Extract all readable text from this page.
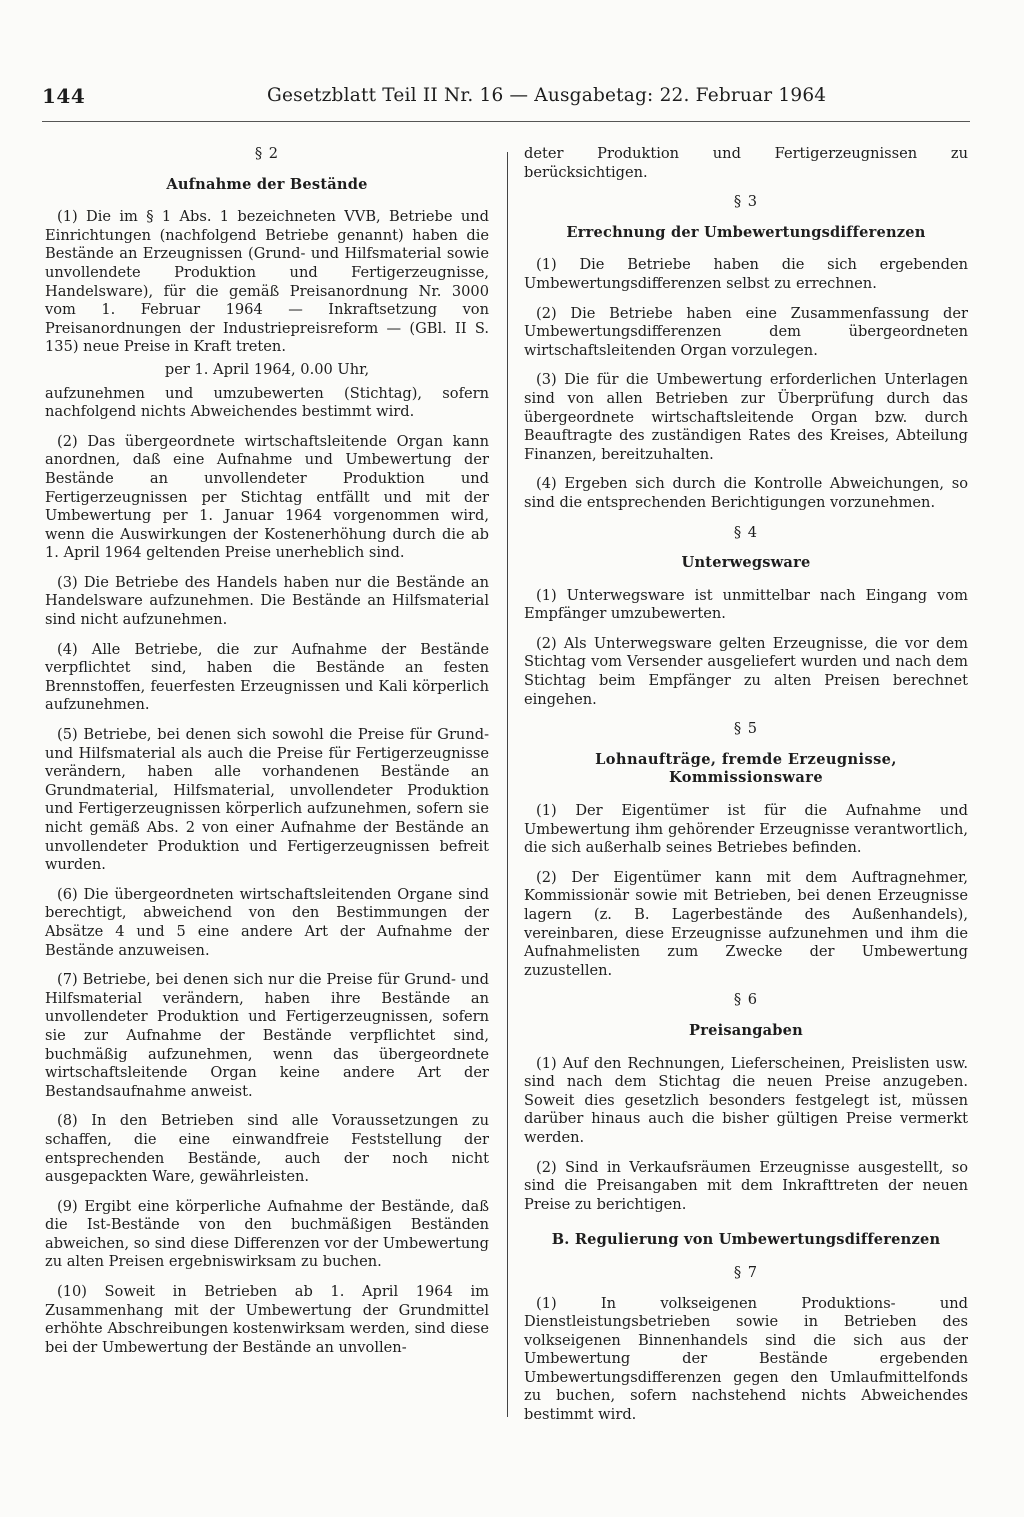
144	Gesetzblatt Teil II Nr. 16 — Ausgabetag: 22. Februar 1964

§ 2

Aufnahme der Bestände

(1) Die im § 1 Abs. 1 bezeichneten VVB, Betriebe und Einrichtungen (nachfolgend Betriebe genannt) haben die Bestände an Erzeugnissen (Grund- und Hilfsmaterial sowie unvollendete Produktion und Fertigerzeugnisse, Handelsware), für die gemäß Preisanordnung Nr. 3000 vom 1. Februar 1964 — Inkraftsetzung von Preisanordnungen der Industriepreisreform — (GBl. II S. 135) neue Preise in Kraft treten.

per 1. April 1964, 0.00 Uhr,

aufzunehmen und umzubewerten (Stichtag), sofern nachfolgend nichts Abweichendes bestimmt wird.

(2) Das übergeordnete wirtschaftsleitende Organ kann anordnen, daß eine Aufnahme und Umbewertung der Bestände an unvollendeter Produktion und Fertigerzeugnissen per Stichtag entfällt und mit der Umbewertung per 1. Januar 1964 vorgenommen wird, wenn die Auswirkungen der Kostenerhöhung durch die ab 1. April 1964 geltenden Preise unerheblich sind.

(3) Die Betriebe des Handels haben nur die Bestände an Handelsware aufzunehmen. Die Bestände an Hilfsmaterial sind nicht aufzunehmen.

(4) Alle Betriebe, die zur Aufnahme der Bestände verpflichtet sind, haben die Bestände an festen Brennstoffen, feuerfesten Erzeugnissen und Kali körperlich aufzunehmen.

(5) Betriebe, bei denen sich sowohl die Preise für Grund- und Hilfsmaterial als auch die Preise für Fertigerzeugnisse verändern, haben alle vorhandenen Bestände an Grundmaterial, Hilfsmaterial, unvollendeter Produktion und Fertigerzeugnissen körperlich aufzunehmen, sofern sie nicht gemäß Abs. 2 von einer Aufnahme der Bestände an unvollendeter Produktion und Fertigerzeugnissen befreit wurden.

(6) Die übergeordneten wirtschaftsleitenden Organe sind berechtigt, abweichend von den Bestimmungen der Absätze 4 und 5 eine andere Art der Aufnahme der Bestände anzuweisen.

(7) Betriebe, bei denen sich nur die Preise für Grund- und Hilfsmaterial verändern, haben ihre Bestände an unvollendeter Produktion und Fertigerzeugnissen, sofern sie zur Aufnahme der Bestände verpflichtet sind, buchmäßig aufzunehmen, wenn das übergeordnete wirtschaftsleitende Organ keine andere Art der Bestandsaufnahme anweist.

(8) In den Betrieben sind alle Voraussetzungen zu schaffen, die eine einwandfreie Feststellung der entsprechenden Bestände, auch der noch nicht ausgepackten Ware, gewährleisten.

(9) Ergibt eine körperliche Aufnahme der Bestände, daß die Ist-Bestände von den buchmäßigen Beständen abweichen, so sind diese Differenzen vor der Umbewertung zu alten Preisen ergebniswirksam zu buchen.

(10) Soweit in Betrieben ab 1. April 1964 im Zusammenhang mit der Umbewertung der Grundmittel erhöhte Abschreibungen kostenwirksam werden, sind diese bei der Umbewertung der Bestände an unvollen-

deter Produktion und Fertigerzeugnissen zu berücksichtigen.

§ 3

Errechnung der Umbewertungsdifferenzen

(1) Die Betriebe haben die sich ergebenden Umbewertungsdifferenzen selbst zu errechnen.

(2) Die Betriebe haben eine Zusammenfassung der Umbewertungsdifferenzen dem übergeordneten wirtschaftsleitenden Organ vorzulegen.

(3) Die für die Umbewertung erforderlichen Unterlagen sind von allen Betrieben zur Überprüfung durch das übergeordnete wirtschaftsleitende Organ bzw. durch Beauftragte des zuständigen Rates des Kreises, Abteilung Finanzen, bereitzuhalten.

(4) Ergeben sich durch die Kontrolle Abweichungen, so sind die entsprechenden Berichtigungen vorzunehmen.

§ 4

Unterwegsware

(1) Unterwegsware ist unmittelbar nach Eingang vom Empfänger umzubewerten.

(2) Als Unterwegsware gelten Erzeugnisse, die vor dem Stichtag vom Versender ausgeliefert wurden und nach dem Stichtag beim Empfänger zu alten Preisen berechnet eingehen.

§ 5

Lohnaufträge, fremde Erzeugnisse, Kommissionsware

(1) Der Eigentümer ist für die Aufnahme und Umbewertung ihm gehörender Erzeugnisse verantwortlich, die sich außerhalb seines Betriebes befinden.

(2) Der Eigentümer kann mit dem Auftragnehmer, Kommissionär sowie mit Betrieben, bei denen Erzeugnisse lagern (z. B. Lagerbestände des Außenhandels), vereinbaren, diese Erzeugnisse aufzunehmen und ihm die Aufnahmelisten zum Zwecke der Umbewertung zuzustellen.

§ 6

Preisangaben

(1) Auf den Rechnungen, Lieferscheinen, Preislisten usw. sind nach dem Stichtag die neuen Preise anzugeben. Soweit dies gesetzlich besonders festgelegt ist, müssen darüber hinaus auch die bisher gültigen Preise vermerkt werden.

(2) Sind in Verkaufsräumen Erzeugnisse ausgestellt, so sind die Preisangaben mit dem Inkrafttreten der neuen Preise zu berichtigen.

B. Regulierung von Umbewertungsdifferenzen

§ 7

(1) In volkseigenen Produktions- und Dienstleistungsbetrieben sowie in Betrieben des volkseigenen Binnenhandels sind die sich aus der Umbewertung der Bestände ergebenden Umbewertungsdifferenzen gegen den Umlaufmittelfonds zu buchen, sofern nachstehend nichts Abweichendes bestimmt wird.
